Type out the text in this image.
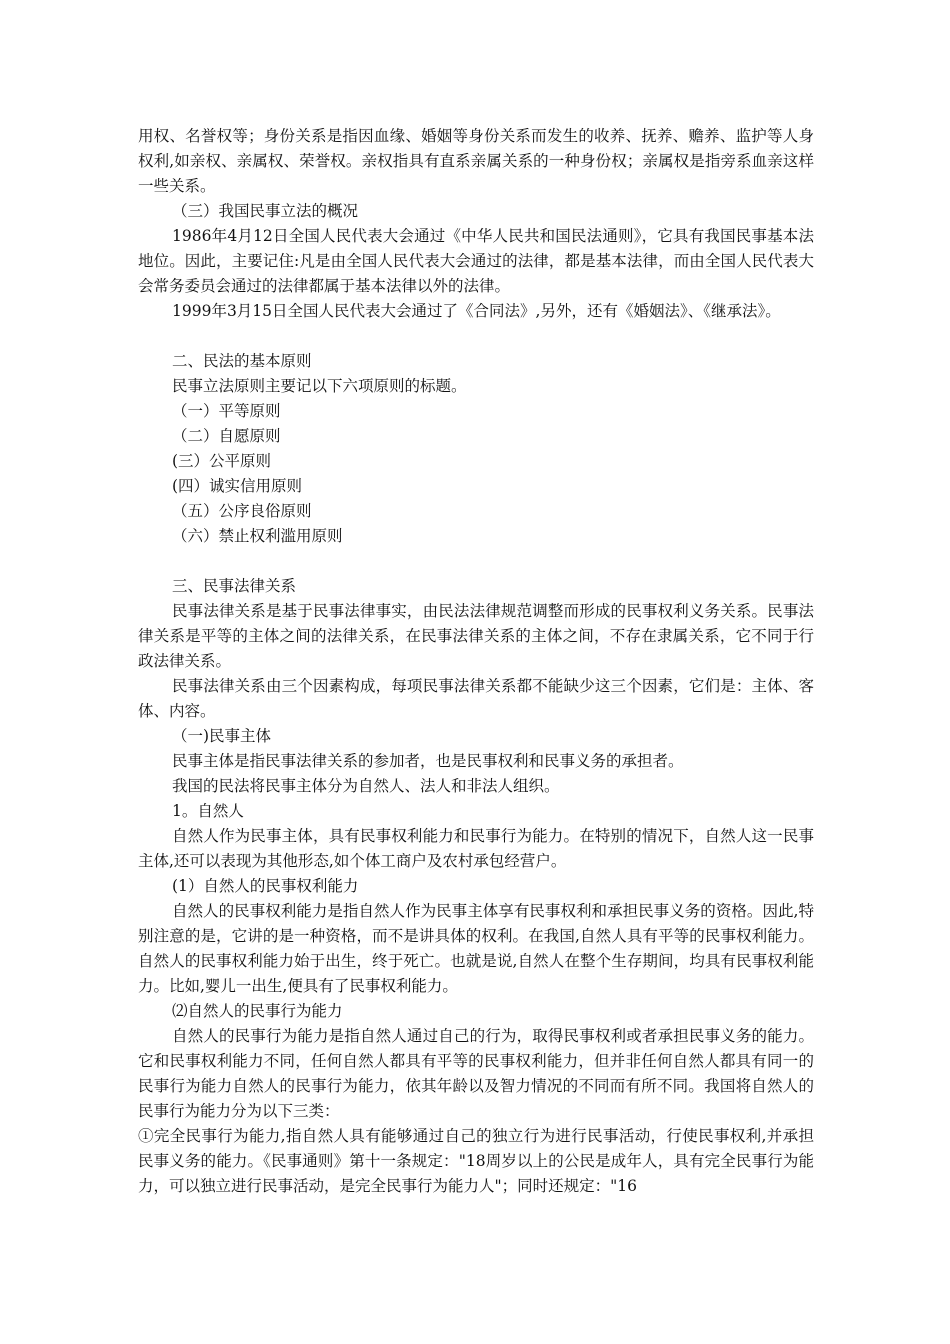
用权、名誉权等；身份关系是指因血缘、婚姻等身份关系而发生的收养、抚养、赡养、监护等人身权利,如亲权、亲属权、荣誉权。亲权指具有直系亲属关系的一种身份权；亲属权是指旁系血亲这样一些关系。

（三）我国民事立法的概况

1986年4月12日全国人民代表大会通过《中华人民共和国民法通则》，它具有我国民事基本法地位。因此，主要记住:凡是由全国人民代表大会通过的法律，都是基本法律，而由全国人民代表大会常务委员会通过的法律都属于基本法律以外的法律。

1999年3月15日全国人民代表大会通过了《合同法》,另外，还有《婚姻法》、《继承法》。

二、民法的基本原则

民事立法原则主要记以下六项原则的标题。

（一）平等原则

（二）自愿原则

(三）公平原则

(四）诚实信用原则

（五）公序良俗原则

（六）禁止权利滥用原则

三、民事法律关系

民事法律关系是基于民事法律事实，由民法法律规范调整而形成的民事权利义务关系。民事法律关系是平等的主体之间的法律关系，在民事法律关系的主体之间，不存在隶属关系，它不同于行政法律关系。

民事法律关系由三个因素构成，每项民事法律关系都不能缺少这三个因素，它们是：主体、客体、内容。

（一)民事主体

民事主体是指民事法律关系的参加者，也是民事权利和民事义务的承担者。

我国的民法将民事主体分为自然人、法人和非法人组织。

1。自然人

自然人作为民事主体，具有民事权利能力和民事行为能力。在特别的情况下，自然人这一民事主体,还可以表现为其他形态,如个体工商户及农村承包经营户。

(1）自然人的民事权利能力

自然人的民事权利能力是指自然人作为民事主体享有民事权利和承担民事义务的资格。因此,特别注意的是，它讲的是一种资格，而不是讲具体的权利。在我国,自然人具有平等的民事权利能力。自然人的民事权利能力始于出生，终于死亡。也就是说,自然人在整个生存期间，均具有民事权利能力。比如,婴儿一出生,便具有了民事权利能力。

⑵自然人的民事行为能力

自然人的民事行为能力是指自然人通过自己的行为，取得民事权利或者承担民事义务的能力。它和民事权利能力不同，任何自然人都具有平等的民事权利能力，但并非任何自然人都具有同一的民事行为能力自然人的民事行为能力，依其年龄以及智力情况的不同而有所不同。我国将自然人的民事行为能力分为以下三类：

①完全民事行为能力,指自然人具有能够通过自己的独立行为进行民事活动，行使民事权利,并承担民事义务的能力。《民事通则》第十一条规定："18周岁以上的公民是成年人，具有完全民事行为能力，可以独立进行民事活动，是完全民事行为能力人"；同时还规定："16
